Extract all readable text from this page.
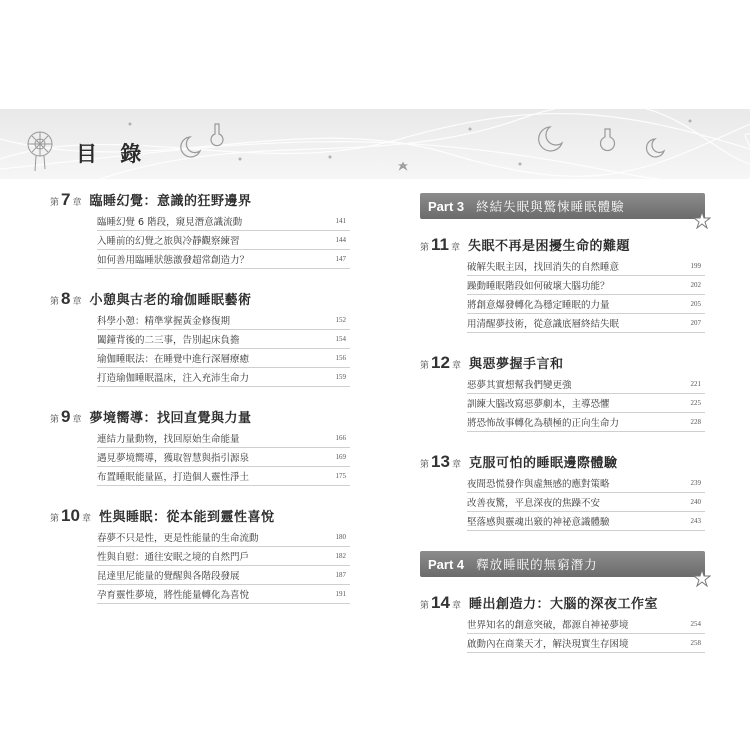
目 錄
第 7 章 臨睡幻覺：意識的狂野邊界
臨睡幻覺 6 階段，窺見潛意識流動	141
入睡前的幻覺之旅與冷靜觀察練習	144
如何善用臨睡狀態激發超常創造力？	147
第 8 章 小憩與古老的瑜伽睡眠藝術
科學小憩：精準掌握黃金修復期	152
闔鐘背後的二三事，告別起床負擔	154
瑜伽睡眠法：在睡覺中進行深層療癒	156
打造瑜伽睡眠溫床，注入充沛生命力	159
第 9 章 夢境嚮導：找回直覺與力量
連結力量動物，找回原始生命能量	166
遇見夢境嚮導，獲取智慧與指引源泉	169
布置睡眠能量區，打造個人靈性淨土	175
第 10 章 性與睡眠：從本能到靈性喜悅
春夢不只是性，更是性能量的生命流動	180
性與自慰：通往安眠之境的自然門戶	182
昆達里尼能量的覺醒與各階段發展	187
孕育靈性夢境，將性能量轉化為喜悅	191
Part 3 終結失眠與驚悚睡眠體驗
第 11 章 失眠不再是困擾生命的難題
破解失眠主因，找回消失的自然睡意	199
躁動睡眠階段如何破壞大腦功能？	202
將創意爆發轉化為穩定睡眠的力量	205
用清醒夢技術，從意識底層終結失眠	207
第 12 章 與惡夢握手言和
惡夢其實想幫我們變更強	221
訓練大腦改寫惡夢劇本，主導恐懼	225
將恐怖故事轉化為積極的正向生命力	228
第 13 章 克服可怕的睡眠邊際體驗
夜間恐慌發作與虛無感的應對策略	239
改善夜驚，平息深夜的焦躁不安	240
堅落感與靈魂出竅的神祕意識體驗	243
Part 4 釋放睡眠的無窮潛力
第 14 章 睡出創造力：大腦的深夜工作室
世界知名的創意突破，都源自神祕夢境	254
啟動內在商業天才，解決現實生存困境	258
